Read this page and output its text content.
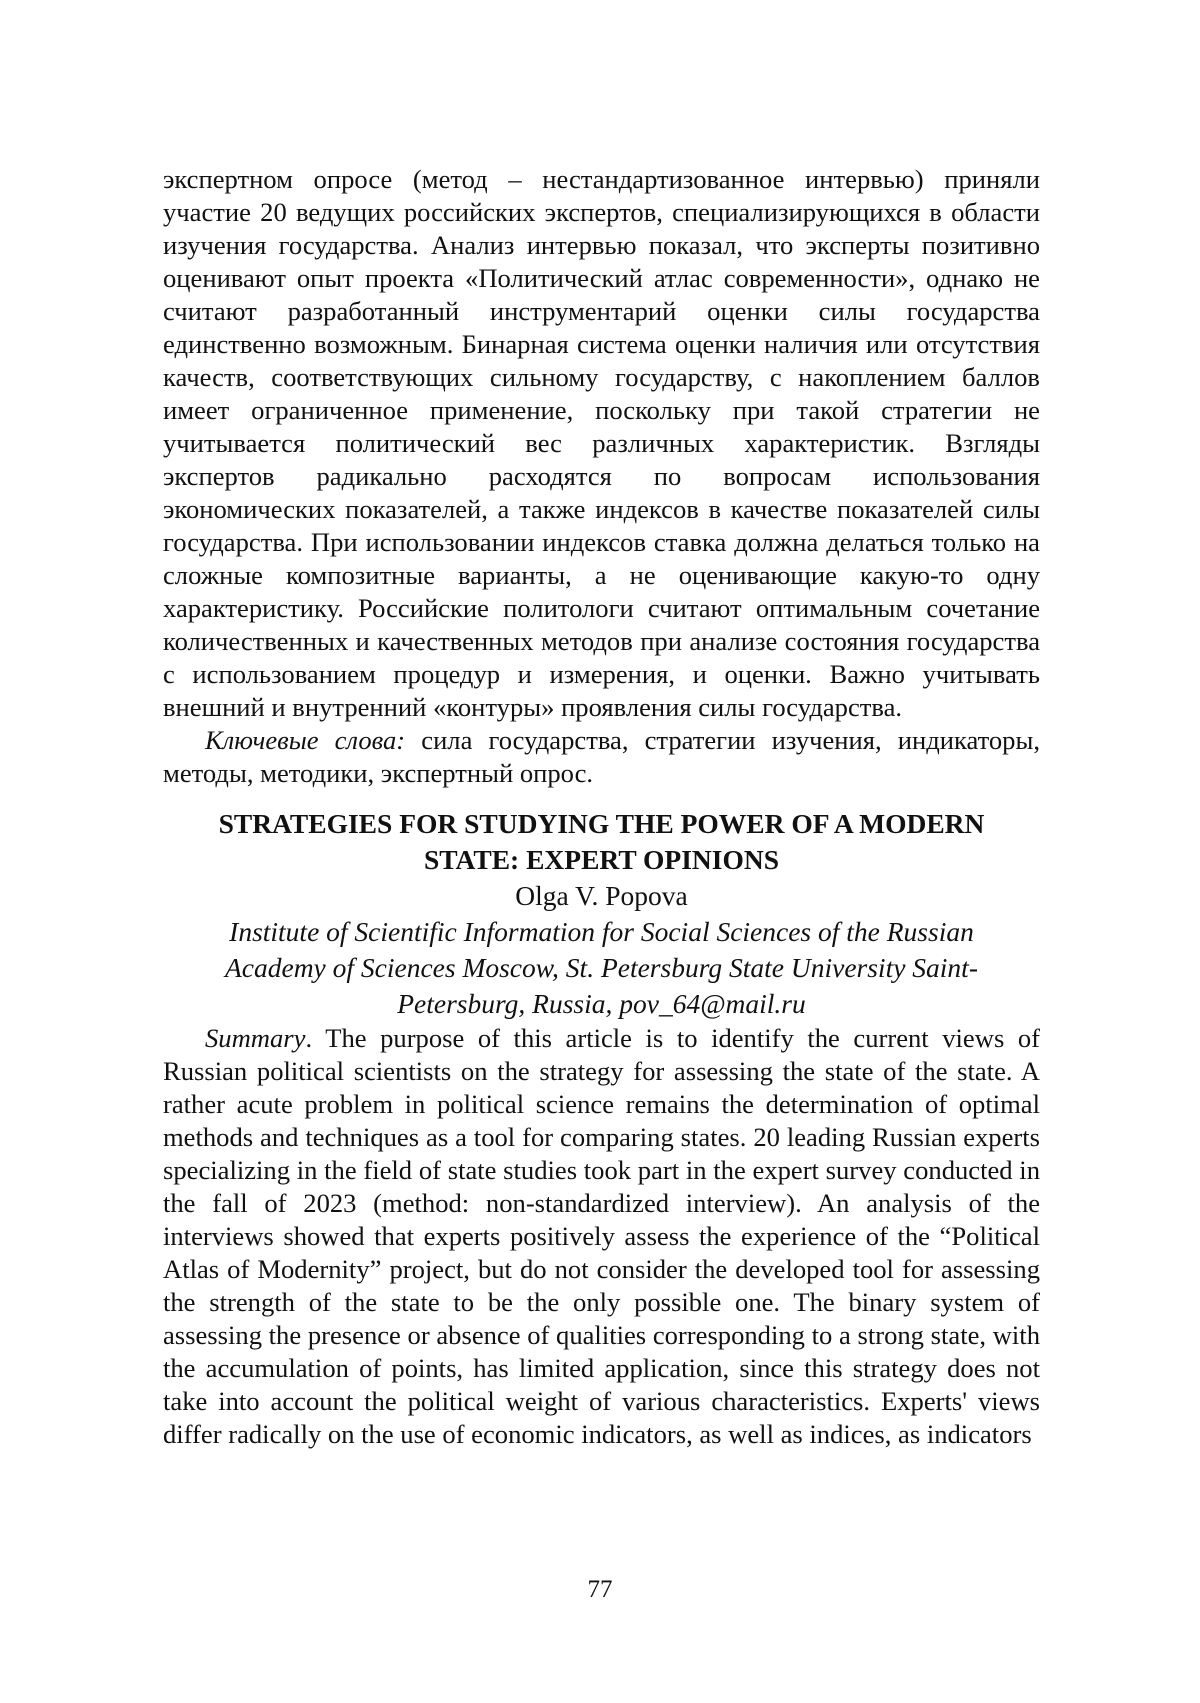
экспертном опросе (метод – нестандартизованное интервью) приняли участие 20 ведущих российских экспертов, специализирующихся в области изучения государства. Анализ интервью показал, что эксперты позитивно оценивают опыт проекта «Политический атлас современности», однако не считают разработанный инструментарий оценки силы государства единственно возможным. Бинарная система оценки наличия или отсутствия качеств, соответствующих сильному государству, с накоплением баллов имеет ограниченное применение, поскольку при такой стратегии не учитывается политический вес различных характеристик. Взгляды экспертов радикально расходятся по вопросам использования экономических показателей, а также индексов в качестве показателей силы государства. При использовании индексов ставка должна делаться только на сложные композитные варианты, а не оценивающие какую-то одну характеристику. Российские политологи считают оптимальным сочетание количественных и качественных методов при анализе состояния государства с использованием процедур и измерения, и оценки. Важно учитывать внешний и внутренний «контуры» проявления силы государства.

Ключевые слова: сила государства, стратегии изучения, индикаторы, методы, методики, экспертный опрос.

STRATEGIES FOR STUDYING THE POWER OF A MODERN
STATE: EXPERT OPINIONS
Olga V. Popova
Institute of Scientific Information for Social Sciences of the Russian
Academy of Sciences Moscow, St. Petersburg State University Saint-
Petersburg, Russia, pov_64@mail.ru

Summary. The purpose of this article is to identify the current views of Russian political scientists on the strategy for assessing the state of the state. A rather acute problem in political science remains the determination of optimal methods and techniques as a tool for comparing states. 20 leading Russian experts specializing in the field of state studies took part in the expert survey conducted in the fall of 2023 (method: non-standardized interview). An analysis of the interviews showed that experts positively assess the experience of the “Political Atlas of Modernity” project, but do not consider the developed tool for assessing the strength of the state to be the only possible one. The binary system of assessing the presence or absence of qualities corresponding to a strong state, with the accumulation of points, has limited application, since this strategy does not take into account the political weight of various characteristics. Experts' views differ radically on the use of economic indicators, as well as indices, as indicators

77
